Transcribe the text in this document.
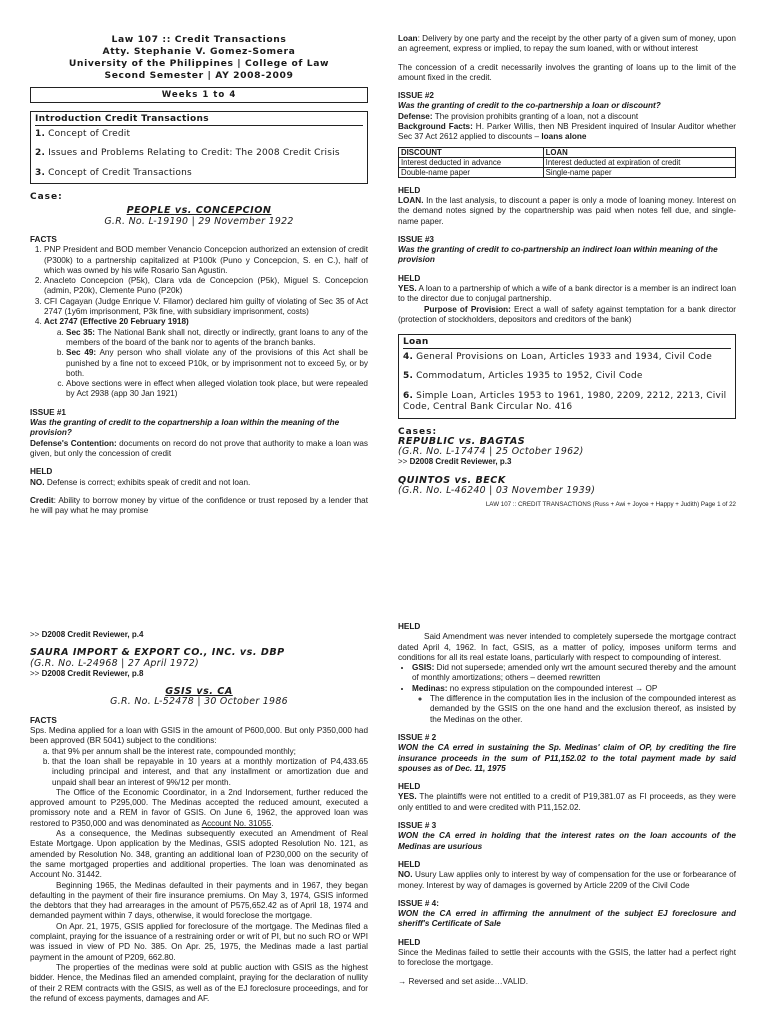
Law 107 :: Credit Transactions
Atty. Stephanie V. Gomez-Somera
University of the Philippines | College of Law
Second Semester | AY 2008-2009
Weeks 1 to 4
Introduction Credit Transactions
1. Concept of Credit
2. Issues and Problems Relating to Credit: The 2008 Credit Crisis
3. Concept of Credit Transactions
Case:
PEOPLE vs. CONCEPCION
G.R. No. L-19190 | 29 November 1922
FACTS
1. PNP President and BOD member Venancio Concepcion authorized an extension of credit (P300k) to a partnership capitalized at P100k (Puno y Concepcion, S. en C.), half of which was owned by his wife Rosario San Agustin.
2. Anacleto Concepcion (P5k), Clara vda de Concepcion (P5k), Miguel S. Concepcion (admin, P20k), Clemente Puno (P20k)
3. CFI Cagayan (Judge Enrique V. Filamor) declared him guilty of violating of Sec 35 of Act 2747 (1y6m imprisonment, P3k fine, with subsidiary imprisonment, costs)
4. Act 2747 (Effective 20 February 1918)
a. Sec 35: The National Bank shall not, directly or indirectly, grant loans to any of the members of the board of the bank nor to agents of the branch banks.
b. Sec 49: Any person who shall violate any of the provisions of this Act shall be punished by a fine not to exceed P10k, or by imprisonment not to exceed 5y, or by both.
c. Above sections were in effect when alleged violation took place, but were repealed by Act 2938 (app 30 Jan 1921)
ISSUE #1
Was the granting of credit to the copartnership a loan within the meaning of the provision?
Defense's Contention: documents on record do not prove that authority to make a loan was given, but only the concession of credit
HELD
NO. Defense is correct; exhibits speak of credit and not loan.
Credit: Ability to borrow money by virtue of the confidence or trust reposed by a lender that he will pay what he may promise
Loan: Delivery by one party and the receipt by the other party of a given sum of money, upon an agreement, express or implied, to repay the sum loaned, with or without interest
The concession of a credit necessarily involves the granting of loans up to the limit of the amount fixed in the credit.
ISSUE #2
Was the granting of credit to the co-partnership a loan or discount?
Defense: The provision prohibits granting of a loan, not a discount
Background Facts: H. Parker Willis, then NB President inquired of Insular Auditor whether Sec 37 Act 2612 applied to discounts – loans alone
DISCOUNT	LOAN
Interest deducted in advance	Interest deducted at expiration of credit
Double-name paper	Single-name paper
HELD
LOAN. In the last analysis, to discount a paper is only a mode of loaning money. Interest on the demand notes signed by the copartnership was paid when notes fell due, and single-name paper.
ISSUE #3
Was the granting of credit to co-partnership an indirect loan within meaning of the provision
HELD
YES. A loan to a partnership of which a wife of a bank director is a member is an indirect loan to the director due to conjugal partnership.
Purpose of Provision: Erect a wall of safety against temptation for a bank director (protection of stockholders, depositors and creditors of the bank)
Loan
4. General Provisions on Loan, Articles 1933 and 1934, Civil Code
5. Commodatum, Articles 1935 to 1952, Civil Code
6. Simple Loan, Articles 1953 to 1961, 1980, 2209, 2212, 2213, Civil Code, Central Bank Circular No. 416
Cases:
REPUBLIC vs. BAGTAS
(G.R. No. L-17474 | 25 October 1962)
>> D2008 Credit Reviewer, p.3
QUINTOS vs. BECK
(G.R. No. L-46240 | 03 November 1939)
LAW 107 :: CREDIT TRANSACTIONS (Russ + Awi + Joyce + Happy + Judith) Page 1 of 22
>> D2008 Credit Reviewer, p.4
SAURA IMPORT & EXPORT CO., INC. vs. DBP
(G.R. No. L-24968 | 27 April 1972)
>> D2008 Credit Reviewer, p.8
GSIS vs. CA
G.R. No. L-52478 | 30 October 1986
FACTS
Sps. Medina applied for a loan with GSIS in the amount of P600,000. But only P350,000 had been approved (BR 5041) subject to the conditions:
a. that 9% per annum shall be the interest rate, compounded monthly;
b. that the loan shall be repayable in 10 years at a monthly mortization of P4,433.65 including principal and interest, and that any installment or amortization due and unpaid shall bear an interest of 9%/12 per month.
The Office of the Economic Coordinator, in a 2nd Indorsement, further reduced the approved amount to P295,000. The Medinas accepted the reduced amount, executed a promissory note and a REM in favor of GSIS. On June 6, 1962, the approved loan was restored to P350,000 and was denominated as Account No. 31055.
As a consequence, the Medinas subsequently executed an Amendment of Real Estate Mortgage. Upon application by the Medinas, GSIS adopted Resolution No. 121, as amended by Resolution No. 348, granting an additional loan of P230,000 on the security of the same mortgaged properties and additional properties. The loan was denominated as Account No. 31442.
Beginning 1965, the Medinas defaulted in their payments and in 1967, they began defaulting in the payment of their fire insurance premiums. On May 3, 1974, GSIS informed the debtors that they had arrearages in the amount of P575,652.42 as of April 18, 1974 and demanded payment within 7 days, otherwise, it would foreclose the mortgage.
On Apr. 21, 1975, GSIS applied for foreclosure of the mortgage. The Medinas filed a complaint, praying for the issuance of a restraining order or writ of PI, but no such RO or WPI was issued in view of PD No. 385. On Apr. 25, 1975, the Medinas made a last partial payment in the amount of P209, 662.80.
The properties of the medinas were sold at public auction with GSIS as the highest bidder. Hence, the Medinas filed an amended complaint, praying for the declaration of nullity of their 2 REM contracts with the GSIS, as well as of the EJ foreclosure proceedings, and for the refund of excess payments, damages and AF.
HELD
Said Amendment was never intended to completely supersede the mortgage contract dated April 4, 1962. In fact, GSIS, as a matter of policy, imposes uniform terms and conditions for all its real estate loans, particularly with respect to compounding of interest.
• GSIS: Did not supersede; amended only wrt the amount secured thereby and the amount of monthly amortizations; others – deemed rewritten
• Medinas: no express stipulation on the compounded interest → OP
◦ The difference in the computation lies in the inclusion of the compounded interest as demanded by the GSIS on the one hand and the exclusion thereof, as insisted by the Medinas on the other.
ISSUE # 2
WON the CA erred in sustaining the Sp. Medinas' claim of OP, by crediting the fire insurance proceeds in the sum of P11,152.02 to the total payment made by said spouses as of Dec. 11, 1975
HELD
YES. The plaintiffs were not entitled to a credit of P19,381.07 as FI proceeds, as they were only entitled to and were credited with P11,152.02.
ISSUE # 3
WON the CA erred in holding that the interest rates on the loan accounts of the Medinas are usurious
HELD
NO. Usury Law applies only to interest by way of compensation for the use or forbearance of money. Interest by way of damages is governed by Article 2209 of the Civil Code
ISSUE # 4:
WON the CA erred in affirming the annulment of the subject EJ foreclosure and sheriff's Certificate of Sale
HELD
Since the Medinas failed to settle their accounts with the GSIS, the latter had a perfect right to foreclose the mortgage.
→ Reversed and set aside…VALID.
